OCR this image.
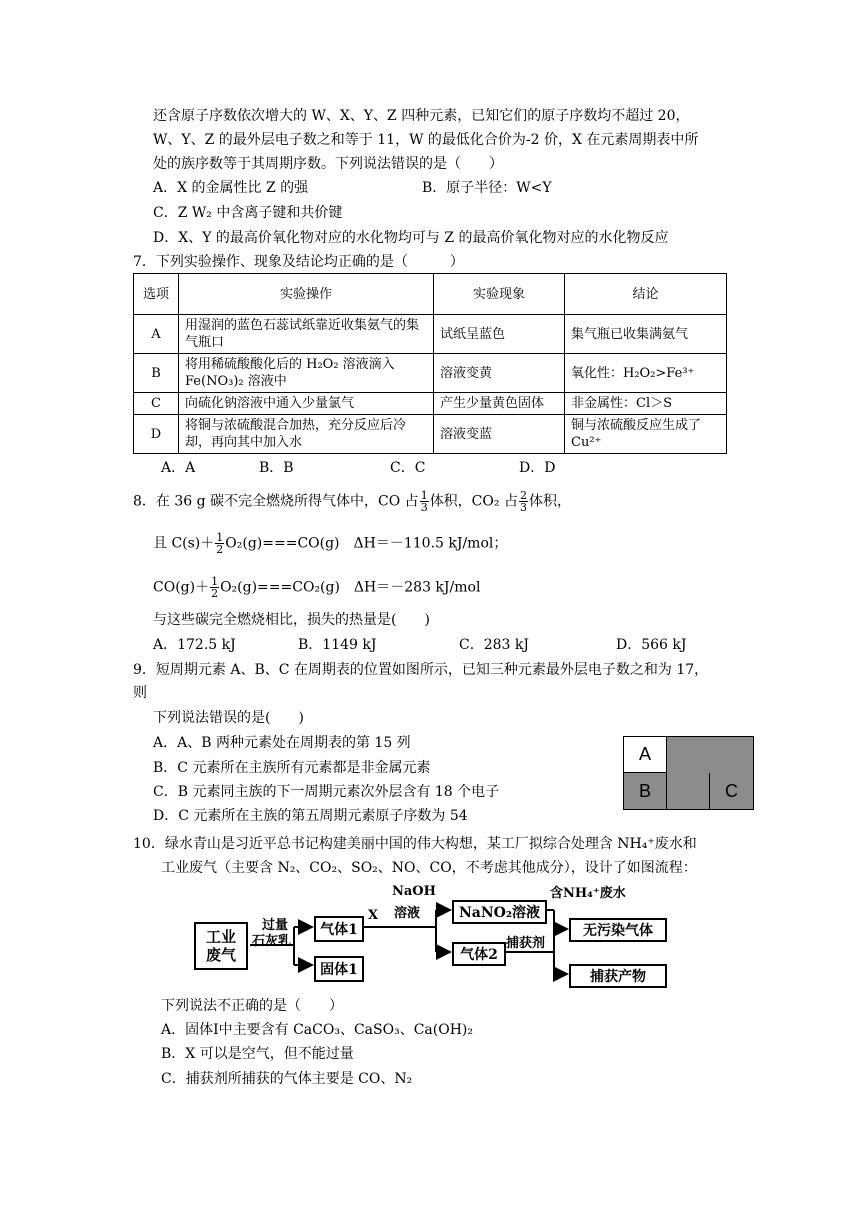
还含原子序数依次增大的 W、X、Y、Z 四种元素，已知它们的原子序数均不超过 20，
W、Y、Z 的最外层电子数之和等于 11，W 的最低化合价为-2 价，X 在元素周期表中所
处的族序数等于其周期序数。下列说法错误的是（　　）
A．X 的金属性比 Z 的强	B．原子半径：W<Y
C．Z W₂ 中含离子键和共价键
D．X、Y 的最高价氧化物对应的水化物均可与 Z 的最高价氧化物对应的水化物反应
7．下列实验操作、现象及结论均正确的是（　　　）
选项	实验操作	实验现象	结论
A	用湿润的蓝色石蕊试纸靠近收集氨气的集气瓶口	试纸呈蓝色	集气瓶已收集满氨气
B	将用稀硫酸酸化后的 H₂O₂ 溶液滴入 Fe(NO₃)₂ 溶液中	溶液变黄	氧化性：H₂O₂>Fe³⁺
C	向硫化钠溶液中通入少量氯气	产生少量黄色固体	非金属性：Cl＞S
D	将铜与浓硫酸混合加热，充分反应后冷却，再向其中加入水	溶液变蓝	铜与浓硫酸反应生成了 Cu²⁺
A．A	B．B	C．C	D．D
8．在 36 g 碳不完全燃烧所得气体中，CO 占 $\frac{1}{3}$ 体积，CO₂ 占 $\frac{2}{3}$ 体积，
且 $C(s)+ \frac{1}{2} O_2(g)===CO(g)$　ΔH＝－110.5 kJ/mol；
$CO(g)+ \frac{1}{2} O_2(g)===CO_2(g)$　ΔH＝－283 kJ/mol
与这些碳完全燃烧相比，损失的热量是(　　)
A．172.5 kJ	B．1149 kJ	C．283 kJ	D．566 kJ
9．短周期元素 A、B、C 在周期表的位置如图所示，已知三种元素最外层电子数之和为 17，
则
下列说法错误的是(　　)
A．A、B 两种元素处在周期表的第 15 列
B．C 元素所在主族所有元素都是非金属元素
C．B 元素同主族的下一周期元素次外层含有 18 个电子
D．C 元素所在主族的第五周期元素原子序数为 54
A
B	C
10．绿水青山是习近平总书记构建美丽中国的伟大构想，某工厂拟综合处理含 NH₄⁺废水和
工业废气（主要含 N₂、CO₂、SO₂、NO、CO，不考虑其他成分），设计了如图流程：
工业
废气
过量
石灰乳
气体1
固体1
X
NaOH
溶液	NaNO₂溶液
含NH₄⁺废水
气体2
捕获剂
无污染气体
捕获产物
下列说法不正确的是（　　）
A．固体Ⅰ中主要含有 CaCO₃、CaSO₃、Ca(OH)₂
B．X 可以是空气，但不能过量
C．捕获剂所捕获的气体主要是 CO、N₂
